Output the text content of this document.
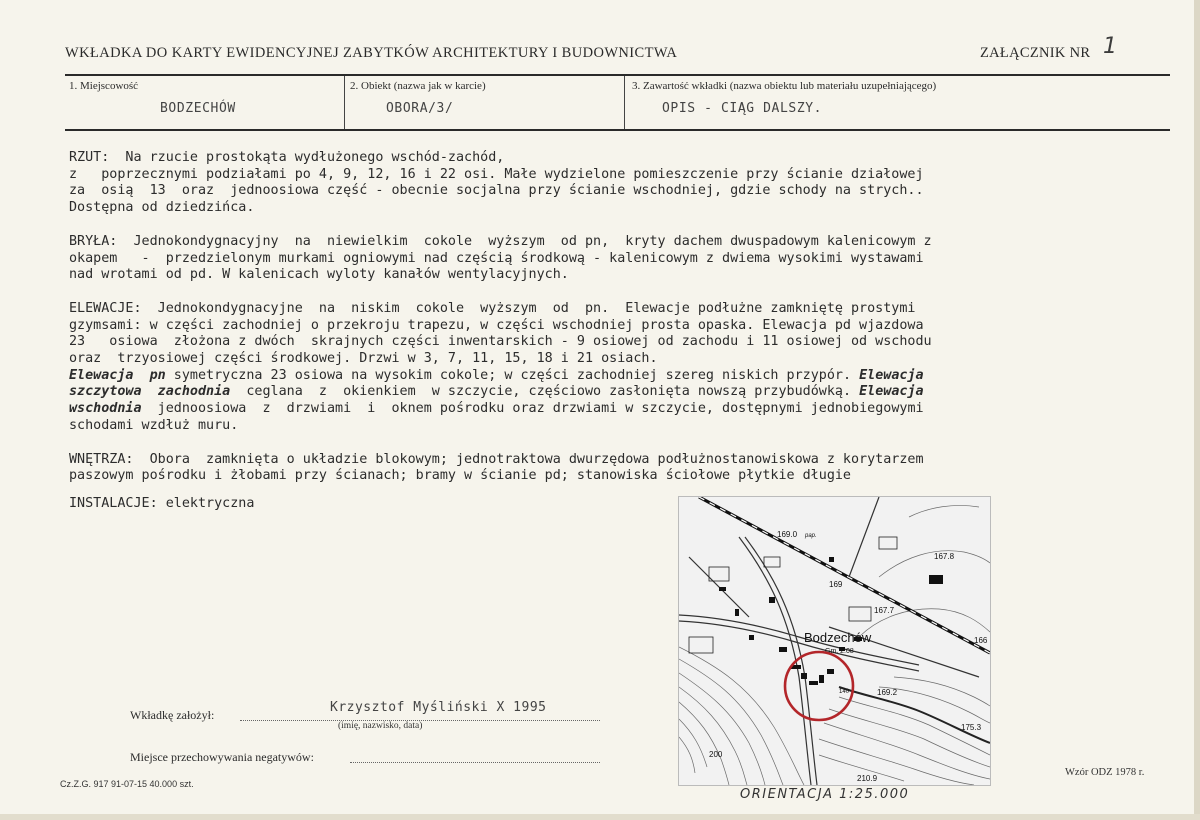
WKŁADKA DO KARTY EWIDENCYJNEJ ZABYTKÓW ARCHITEKTURY I BUDOWNICTWA	ZAŁĄCZNIK NR 1
1. Miejscowość
BODZECHÓW
2. Obiekt (nazwa jak w karcie)
OBORA/3/
3. Zawartość wkładki (nazwa obiektu lub materiału uzupełniającego)
OPIS - CIĄG DALSZY.

RZUT:  Na rzucie prostokąta wydłużonego wschód-zachód,

z   poprzecznymi podziałami po 4, 9, 12, 16 i 22 osi. Małe wydzielone pomieszczenie przy ścianie działowej

za  osią  13  oraz  jednoosiowa część - obecnie socjalna przy ścianie wschodniej, gdzie schody na strych..

Dostępna od dziedzińca.

BRYŁA:  Jednokondygnacyjny  na  niewielkim  cokole  wyższym  od pn,  kryty dachem dwuspadowym kalenicowym z

okapem   -  przedzielonym murkami ogniowymi nad częścią środkową - kalenicowym z dwiema wysokimi wystawami

nad wrotami od pd. W kalenicach wyloty kanałów wentylacyjnych.

ELEWACJE:  Jednokondygnacyjne  na  niskim  cokole  wyższym  od  pn.  Elewacje podłużne zamkniętę prostymi

gzymsami: w części zachodniej o przekroju trapezu, w części wschodniej prosta opaska. Elewacja pd wjazdowa

23   osiowa  złożona z dwóch  skrajnych części inwentarskich - 9 osiowej od zachodu i 11 osiowej od wschodu

oraz  trzyosiowej części środkowej. Drzwi w 3, 7, 11, 15, 18 i 21 osiach.

Elewacja  pn symetryczna 23 osiowa na wysokim cokole; w części zachodniej szereg niskich przypór. Elewacja

szczytowa  zachodnia  ceglana  z  okienkiem  w szczycie, częściowo zasłonięta nowszą przybudówką. Elewacja

wschodnia  jednoosiowa  z  drzwiami  i  oknem pośrodku oraz drzwiami w szczycie, dostępnymi jednobiegowymi

schodami wzdłuż muru.

WNĘTRZA:  Obora  zamknięta o układzie blokowym; jednotraktowa dwurzędowa podłużnostanowiskowa z korytarzem

paszowym pośrodku i żłobami przy ścianach; bramy w ścianie pd; stanowiska ściołowe płytkie długie

INSTALACJE: elektryczna

169.0 pap.
167.8
169
167.7
166
169.2
175.3
200
210.9
140
Gm. 2.08
Bodzechów
Wkładkę założył:	Krzysztof Myśliński X 1995
(imię, nazwisko, data)
Miejsce przechowywania negatywów:
Cz.Z.G. 917 91-07-15 40.000 szt.
Wzór ODZ 1978 r.
ORIENTACJA 1:25.000
